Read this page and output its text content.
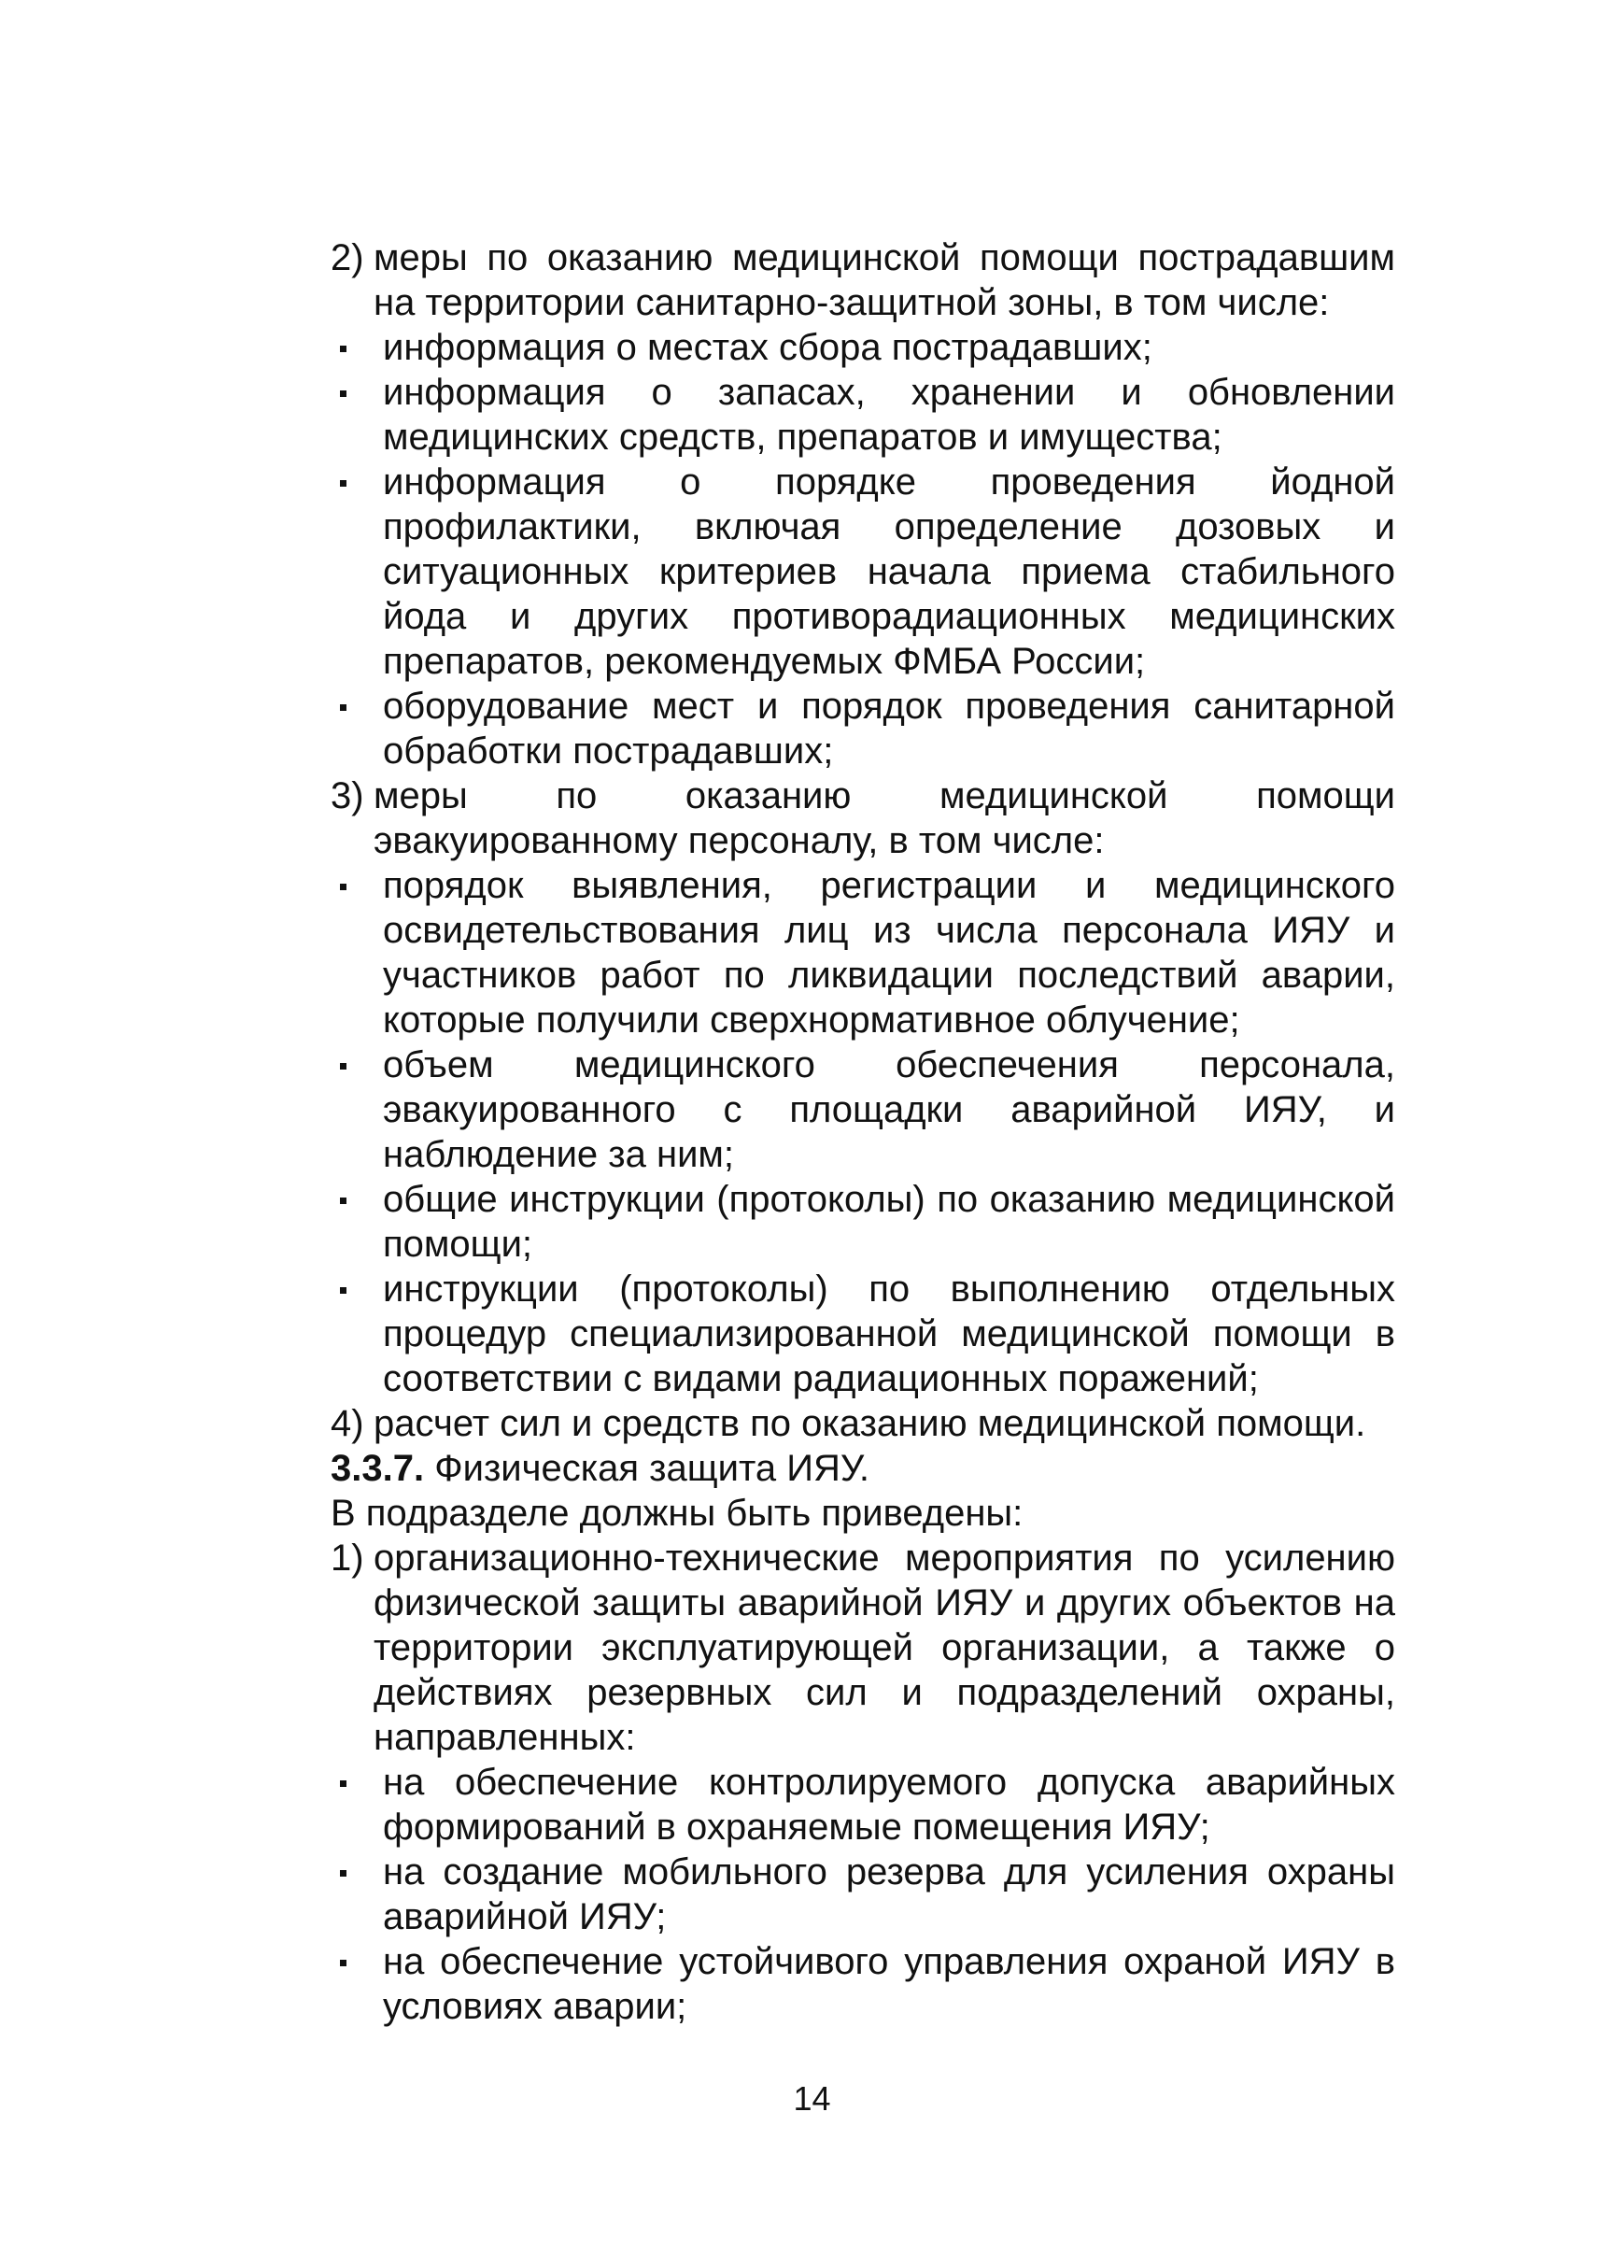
2) меры по оказанию медицинской помощи пострадавшим на территории санитарно-защитной зоны, в том числе:
информация о местах сбора пострадавших;
информация о запасах, хранении и обновлении медицинских средств, препаратов и имущества;
информация о порядке проведения йодной профилактики, включая определение дозовых и ситуационных критериев начала приема стабильного йода и других противорадиационных медицинских препаратов, рекомендуемых ФМБА России;
оборудование мест и порядок проведения санитарной обработки пострадавших;
3) меры по оказанию медицинской помощи эвакуированному персоналу, в том числе:
порядок выявления, регистрации и медицинского освидетельствования лиц из числа персонала ИЯУ и участников работ по ликвидации последствий аварии, которые получили сверхнормативное облучение;
объем медицинского обеспечения персонала, эвакуированного с площадки аварийной ИЯУ, и наблюдение за ним;
общие инструкции (протоколы) по оказанию медицинской помощи;
инструкции (протоколы) по выполнению отдельных процедур специализированной медицинской помощи в соответствии с видами радиационных поражений;
4) расчет сил и средств по оказанию медицинской помощи.

3.3.7. Физическая защита ИЯУ.

В подразделе должны быть приведены:

1) организационно-технические мероприятия по усилению физической защиты аварийной ИЯУ и других объектов на территории эксплуатирующей организации, а также о действиях резервных сил и подразделений охраны, направленных:
на обеспечение контролируемого допуска аварийных формирований в охраняемые помещения ИЯУ;
на создание мобильного резерва для усиления охраны аварийной ИЯУ;
на обеспечение устойчивого управления охраной ИЯУ в условиях аварии;
14
